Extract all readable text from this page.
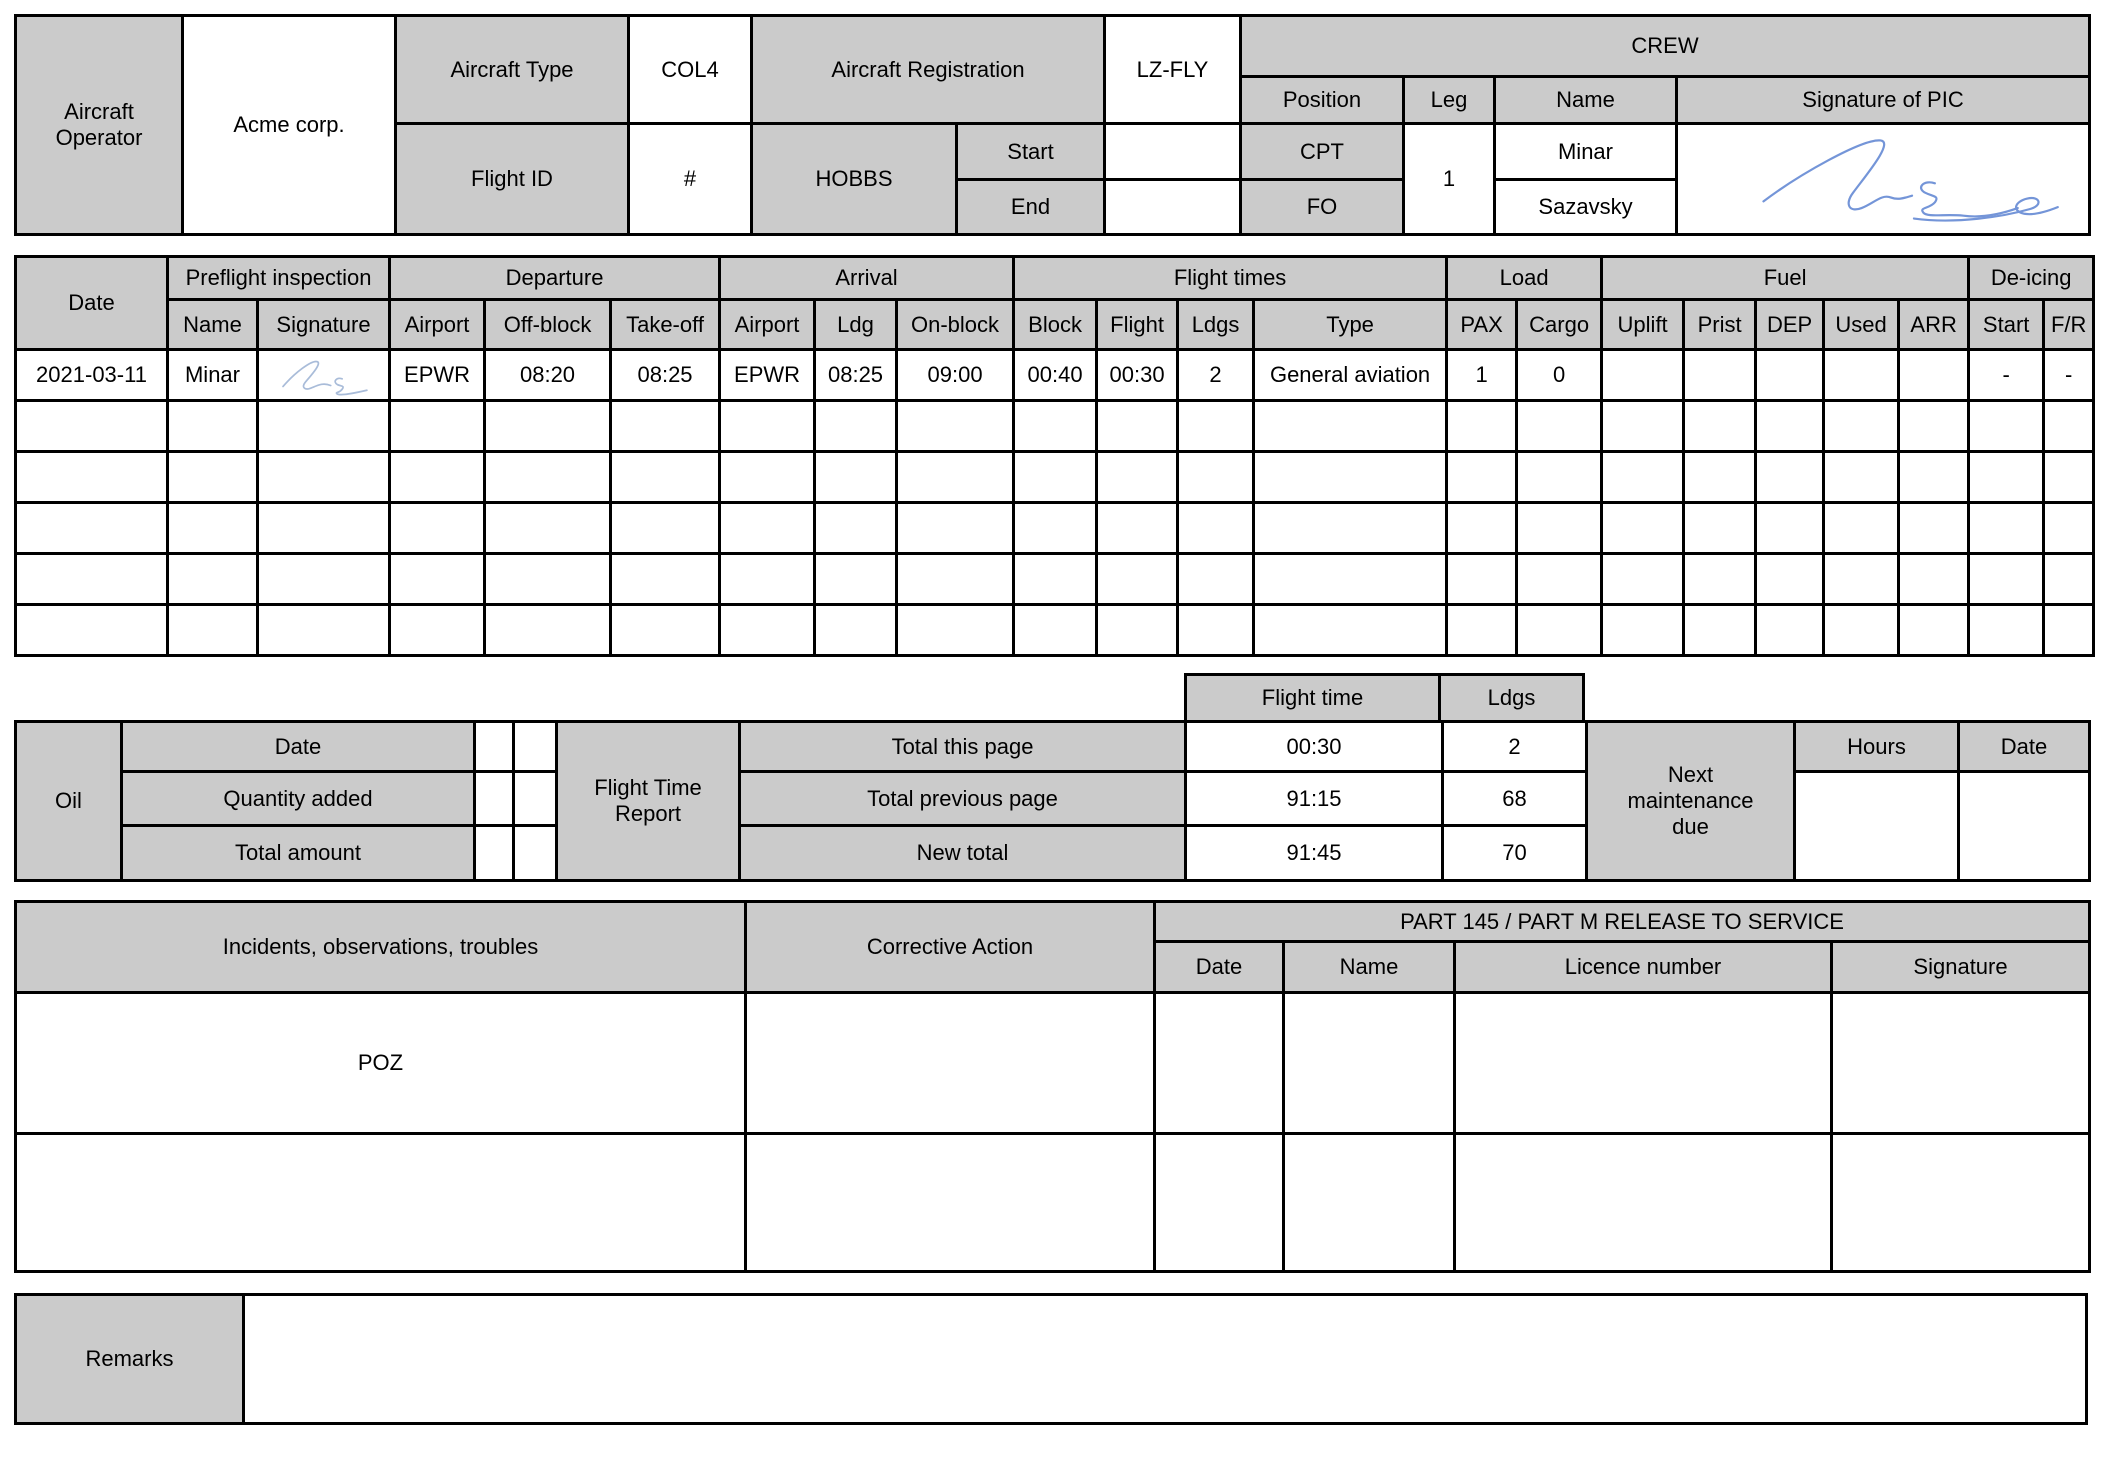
Aircraft Operator	Acme corp.	Aircraft Type	COL4	Aircraft Registration		LZ-FLY	CREW			
							Position	Leg	Name	Signature of PIC
		Flight ID	#	HOBBS	Start		CPT	1	Minar	

					End		FO		Sazavsky	
Date	Preflight inspection		Departure			Arrival			Flight times				Load		Fuel					De-icing	
	Name	Signature	Airport	Off-block	Take-off	Airport	Ldg	On-block	Block	Flight	Ldgs	Type	PAX	Cargo	Uplift	Prist	DEP	Used	ARR	Start	F/R
2021-03-11	Minar		EPWR	08:20	08:25	EPWR	08:25	09:00	00:40	00:30	2	General aviation	1	0						-	-

Flight time	Ldgs
Oil	Date			Flight Time Report	Total this page	00:30	2	Next maintenance due	Hours	Date
	Quantity added				Total previous page	91:15	68			
	Total amount				New total	91:45	70			
Incidents, observations, troubles	Corrective Action	PART 145 / PART M RELEASE TO SERVICE			
		Date	Name	Licence number	Signature
POZ					

Remarks
